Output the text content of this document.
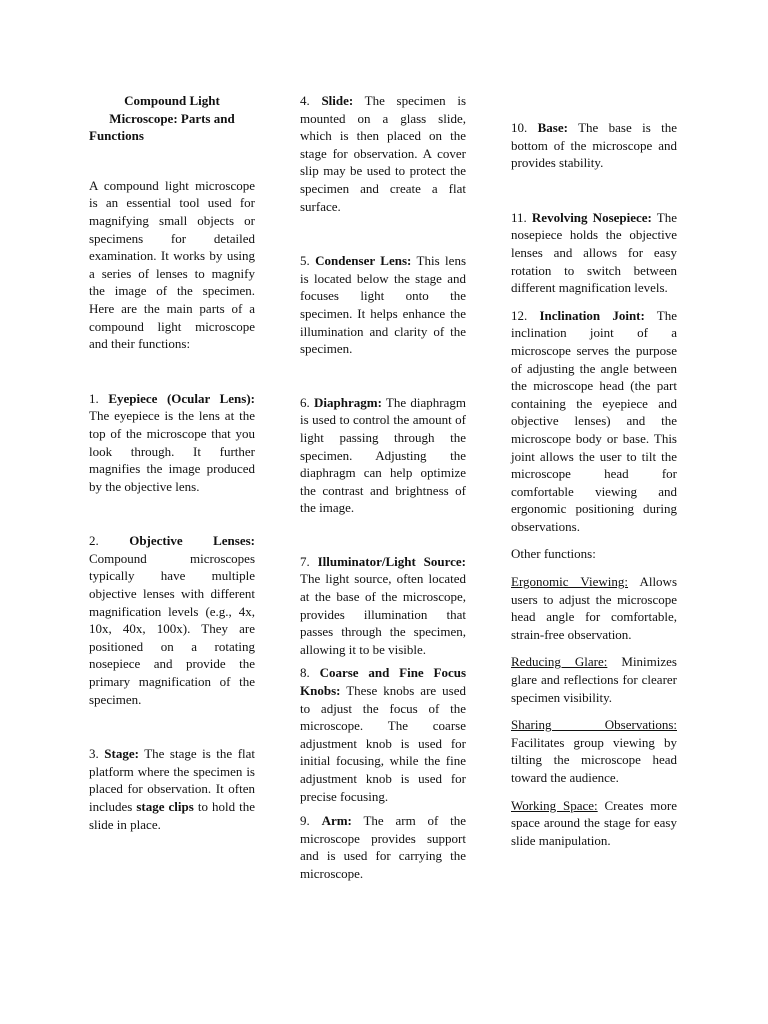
Compound Light Microscope: Parts and Functions

A compound light microscope is an essential tool used for magnifying small objects or specimens for detailed examination. It works by using a series of lenses to magnify the image of the specimen. Here are the main parts of a compound light microscope and their functions:

1. Eyepiece (Ocular Lens): The eyepiece is the lens at the top of the microscope that you look through. It further magnifies the image produced by the objective lens.

2. Objective Lenses: Compound microscopes typically have multiple objective lenses with different magnification levels (e.g., 4x, 10x, 40x, 100x). They are positioned on a rotating nosepiece and provide the primary magnification of the specimen.

3. Stage: The stage is the flat platform where the specimen is placed for observation. It often includes stage clips to hold the slide in place.

4. Slide: The specimen is mounted on a glass slide, which is then placed on the stage for observation. A cover slip may be used to protect the specimen and create a flat surface.

5. Condenser Lens: This lens is located below the stage and focuses light onto the specimen. It helps enhance the illumination and clarity of the specimen.

6. Diaphragm: The diaphragm is used to control the amount of light passing through the specimen. Adjusting the diaphragm can help optimize the contrast and brightness of the image.

7. Illuminator/Light Source: The light source, often located at the base of the microscope, provides illumination that passes through the specimen, allowing it to be visible.

8. Coarse and Fine Focus Knobs: These knobs are used to adjust the focus of the microscope. The coarse adjustment knob is used for initial focusing, while the fine adjustment knob is used for precise focusing.

9. Arm: The arm of the microscope provides support and is used for carrying the microscope.

10. Base: The base is the bottom of the microscope and provides stability.

11. Revolving Nosepiece: The nosepiece holds the objective lenses and allows for easy rotation to switch between different magnification levels.

12. Inclination Joint: The inclination joint of a microscope serves the purpose of adjusting the angle between the microscope head (the part containing the eyepiece and objective lenses) and the microscope body or base. This joint allows the user to tilt the microscope head for comfortable viewing and ergonomic positioning during observations.

Other functions:

Ergonomic Viewing: Allows users to adjust the microscope head angle for comfortable, strain-free observation.

Reducing Glare: Minimizes glare and reflections for clearer specimen visibility.

Sharing Observations: Facilitates group viewing by tilting the microscope head toward the audience.

Working Space: Creates more space around the stage for easy slide manipulation.
